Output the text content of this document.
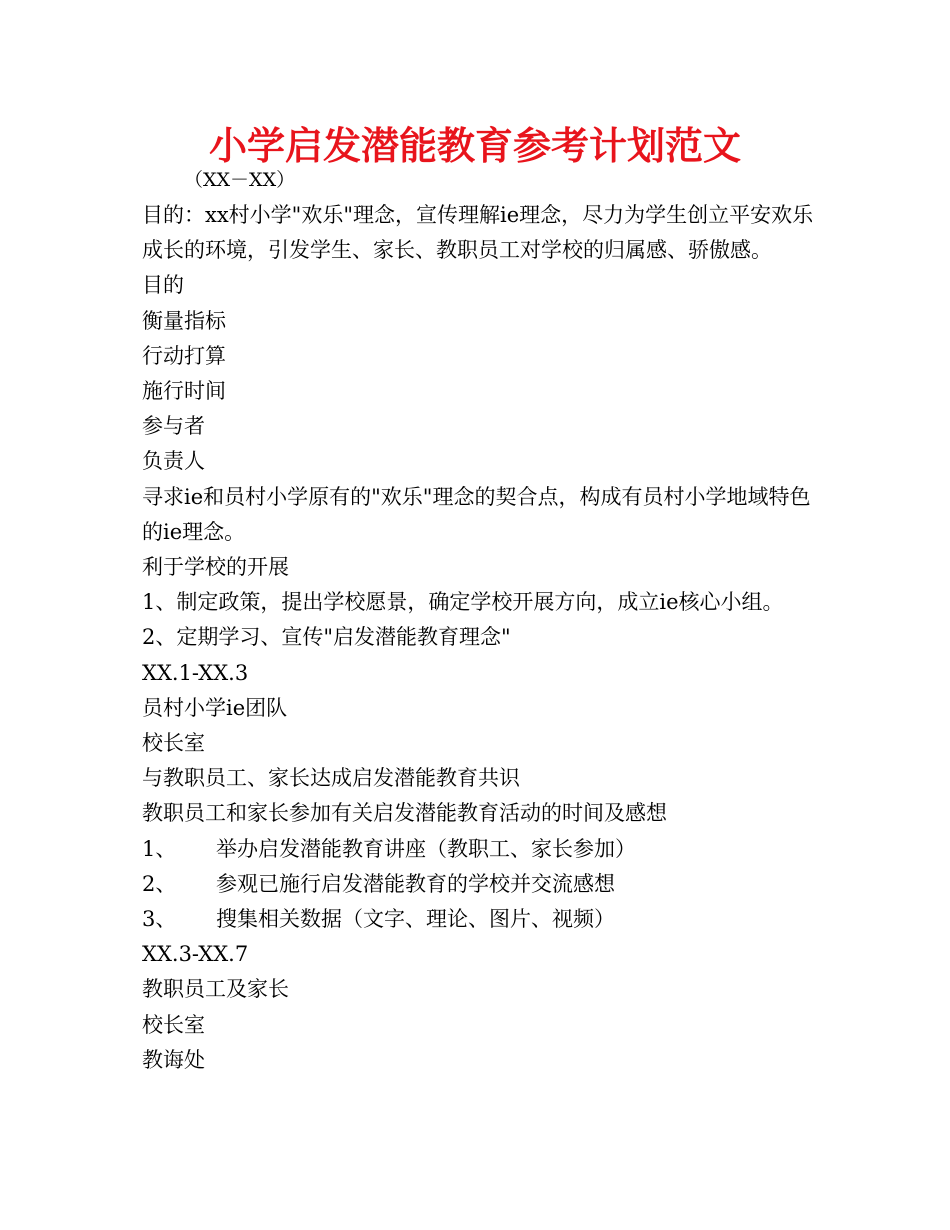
小学启发潜能教育参考计划范文

（XX－XX）

目的：xx村小学"欢乐"理念，宣传理解ie理念，尽力为学生创立平安欢乐成长的环境，引发学生、家长、教职员工对学校的归属感、骄傲感。

目的

衡量指标

行动打算

施行时间

参与者

负责人

寻求ie和员村小学原有的"欢乐"理念的契合点，构成有员村小学地域特色的ie理念。

利于学校的开展

1、制定政策，提出学校愿景，确定学校开展方向，成立ie核心小组。

2、定期学习、宣传"启发潜能教育理念"

XX.1-XX.3

员村小学ie团队

校长室

与教职员工、家长达成启发潜能教育共识

教职员工和家长参加有关启发潜能教育活动的时间及感想

1、 举办启发潜能教育讲座（教职工、家长参加）

2、 参观已施行启发潜能教育的学校并交流感想

3、 搜集相关数据（文字、理论、图片、视频）

XX.3-XX.7

教职员工及家长

校长室

教诲处
